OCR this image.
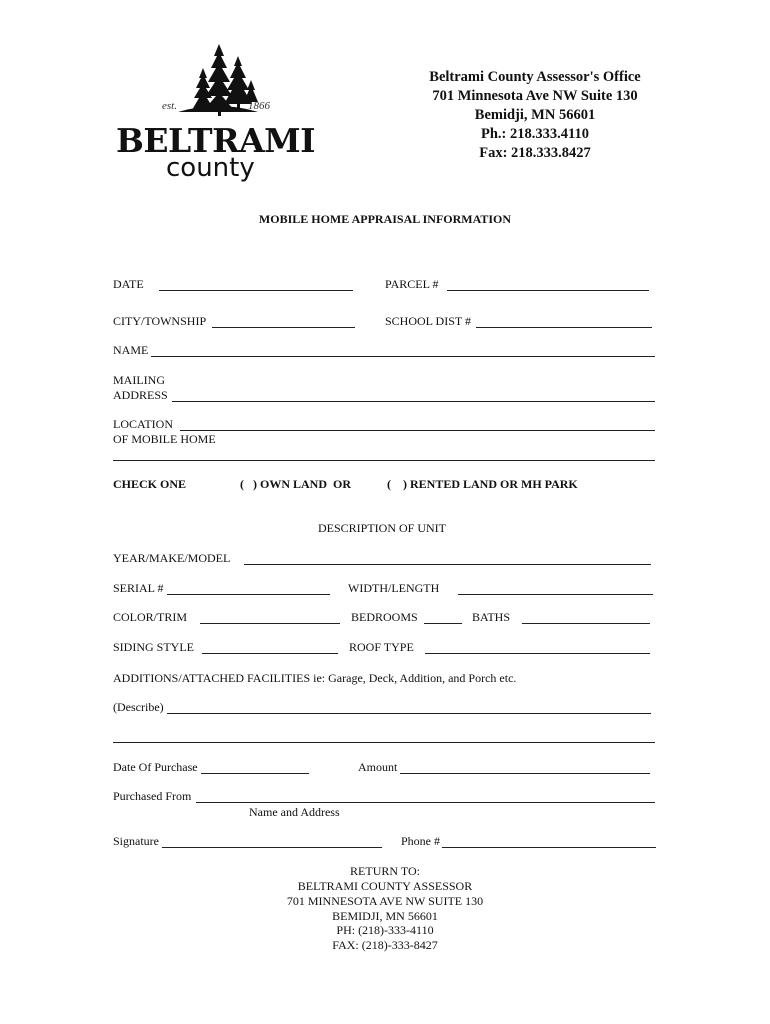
est.	1866
BELTRAMI
county
Beltrami County Assessor's Office
701 Minnesota Ave NW Suite 130
Bemidji, MN 56601
Ph.: 218.333.4110
Fax: 218.333.8427
MOBILE HOME APPRAISAL INFORMATION
DATE	PARCEL #
CITY/TOWNSHIP	SCHOOL DIST #
NAME
MAILING
ADDRESS
LOCATION
OF MOBILE HOME
CHECK ONE	(   ) OWN LAND  OR	(    ) RENTED LAND OR MH PARK
DESCRIPTION OF UNIT
YEAR/MAKE/MODEL
SERIAL #	WIDTH/LENGTH
COLOR/TRIM	BEDROOMS	BATHS
SIDING STYLE	ROOF TYPE
ADDITIONS/ATTACHED FACILITIES ie: Garage, Deck, Addition, and Porch etc.
(Describe)
Date Of Purchase	Amount
Purchased From
Name and Address
Signature	Phone #
RETURN TO:
BELTRAMI COUNTY ASSESSOR
701 MINNESOTA AVE NW SUITE 130
BEMIDJI, MN 56601
PH: (218)-333-4110
FAX: (218)-333-8427
